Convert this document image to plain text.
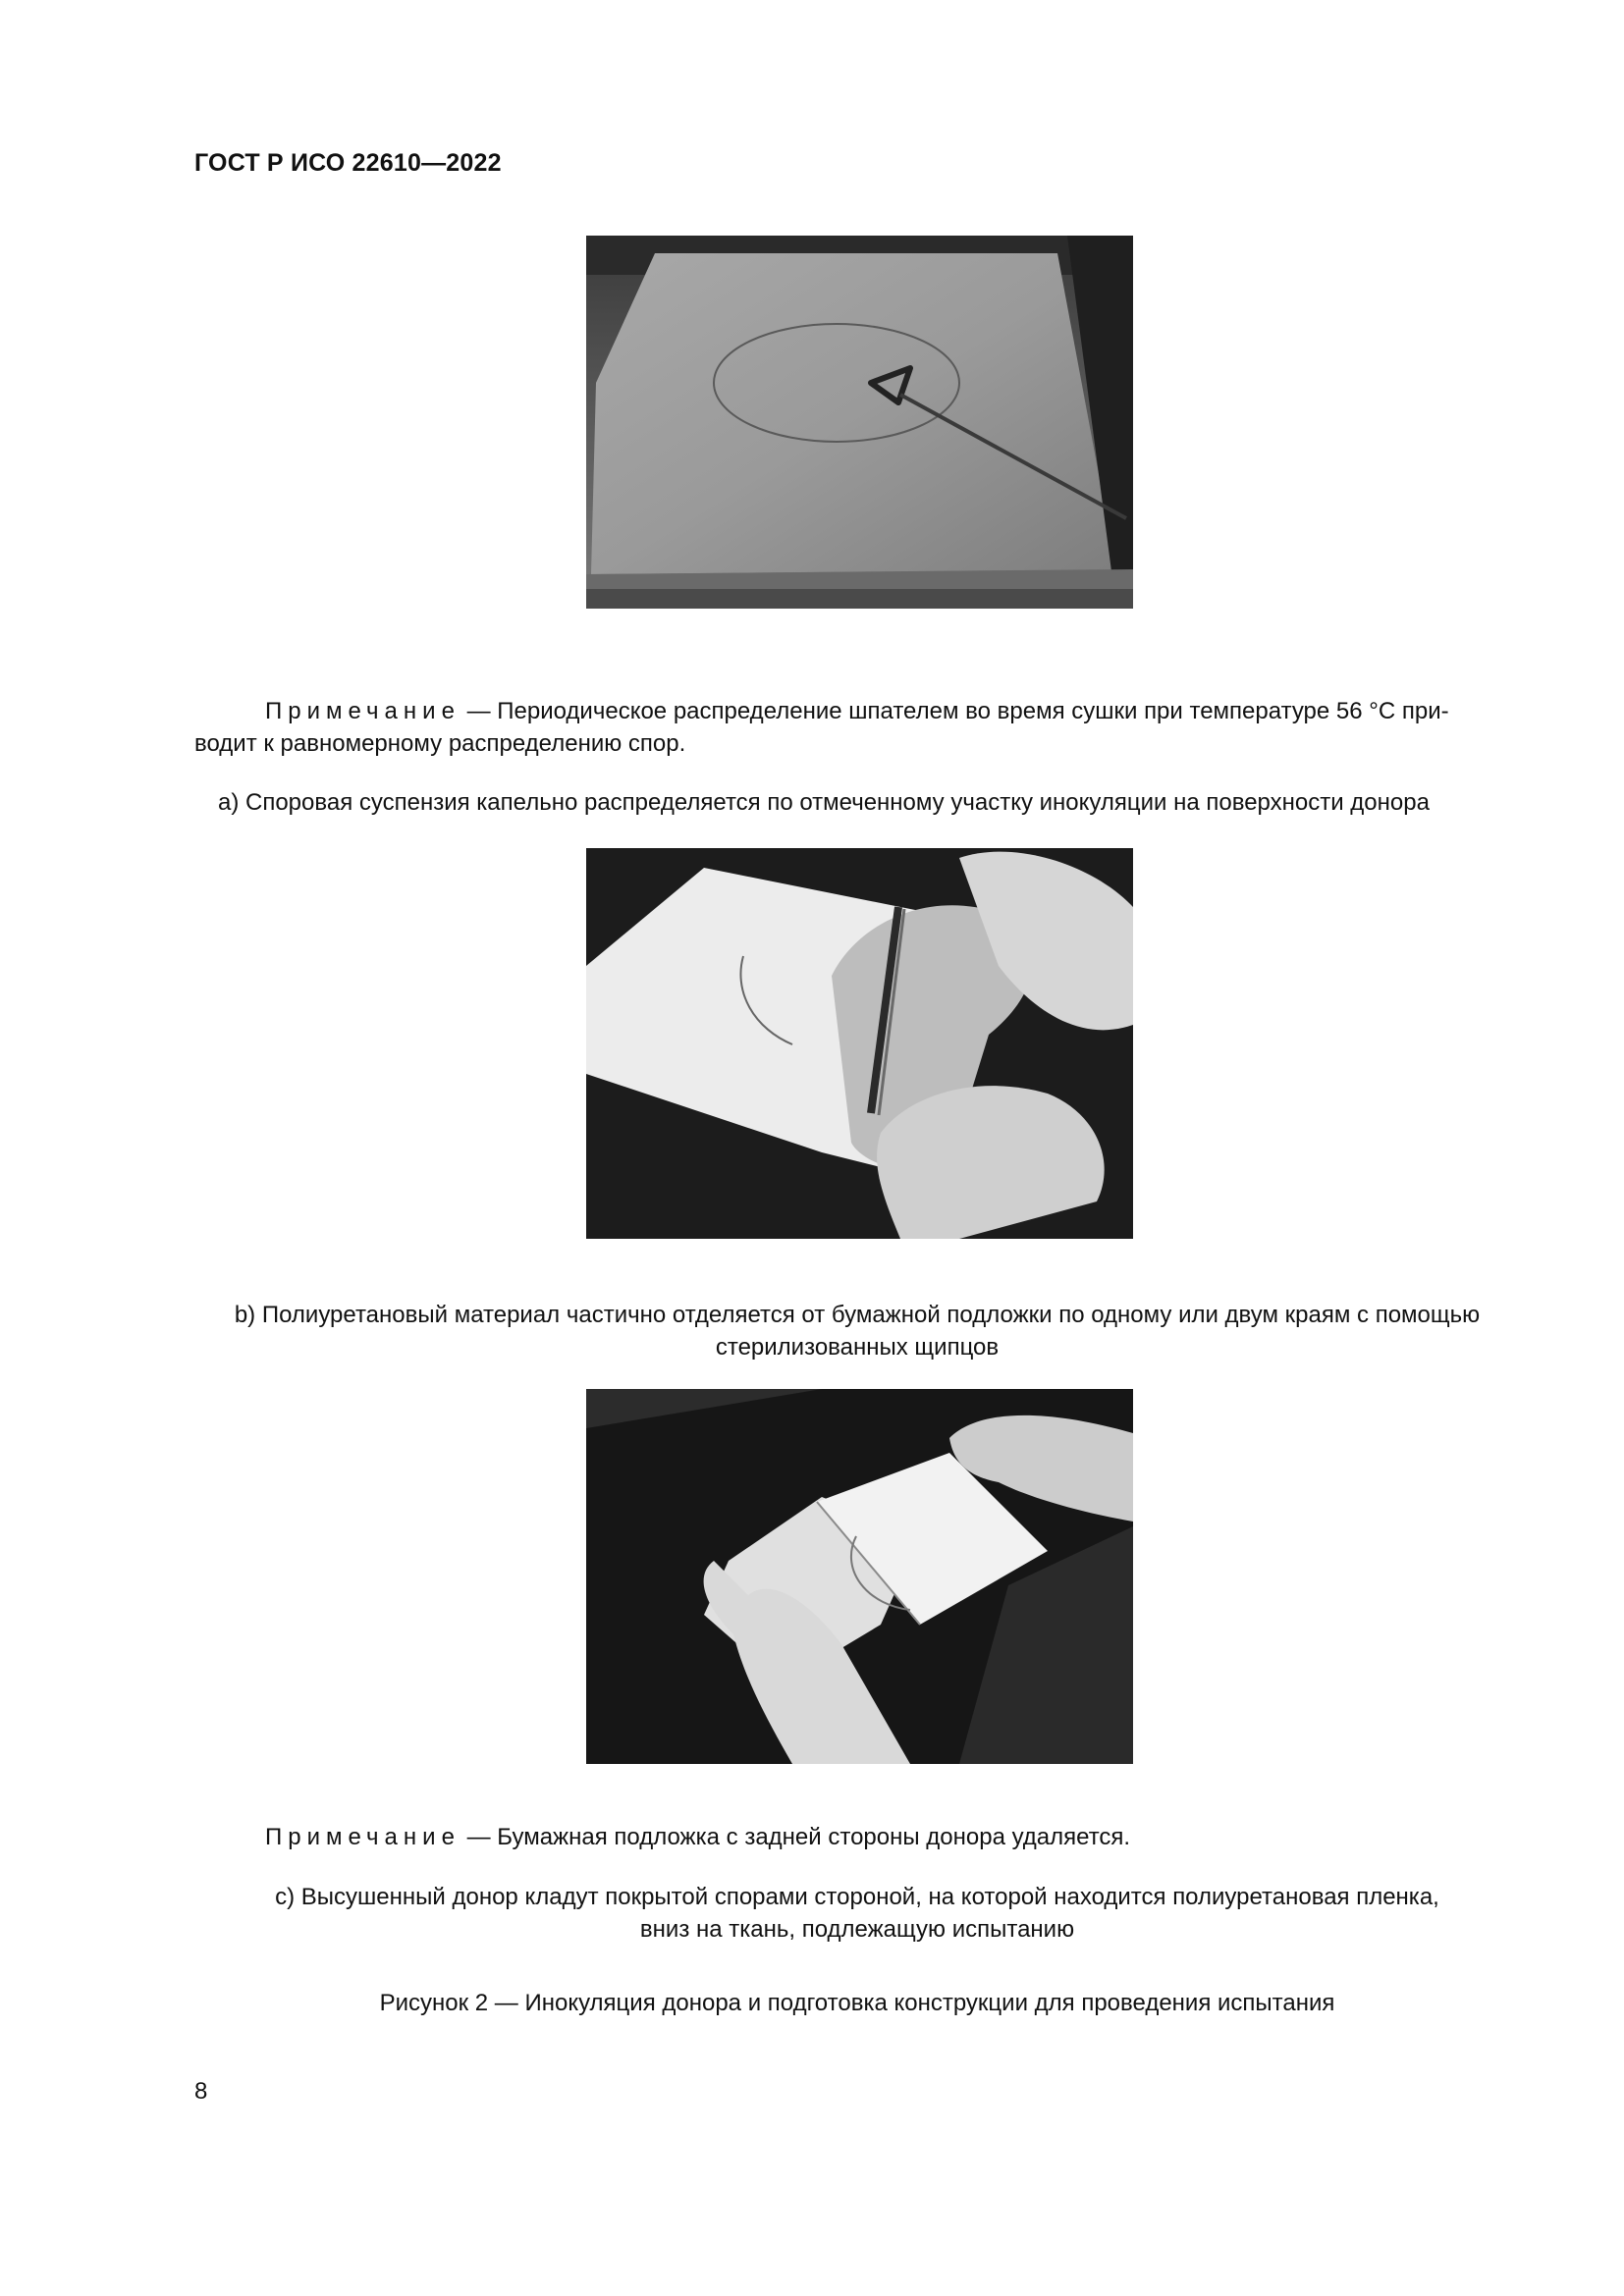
ГОСТ Р ИСО 22610—2022
Примечание — Периодическое распределение шпателем во время сушки при температуре 56 °С при-
водит к равномерному распределению спор.
a) Споровая суспензия капельно распределяется по отмеченному участку инокуляции на поверхности донора
b) Полиуретановый материал частично отделяется от бумажной подложки по одному или двум краям с помощью
стерилизованных щипцов
Примечание — Бумажная подложка с задней стороны донора удаляется.
с) Высушенный донор кладут покрытой спорами стороной, на которой находится полиуретановая пленка,
вниз на ткань, подлежащую испытанию
Рисунок 2 — Инокуляция донора и подготовка конструкции для проведения испытания
8
